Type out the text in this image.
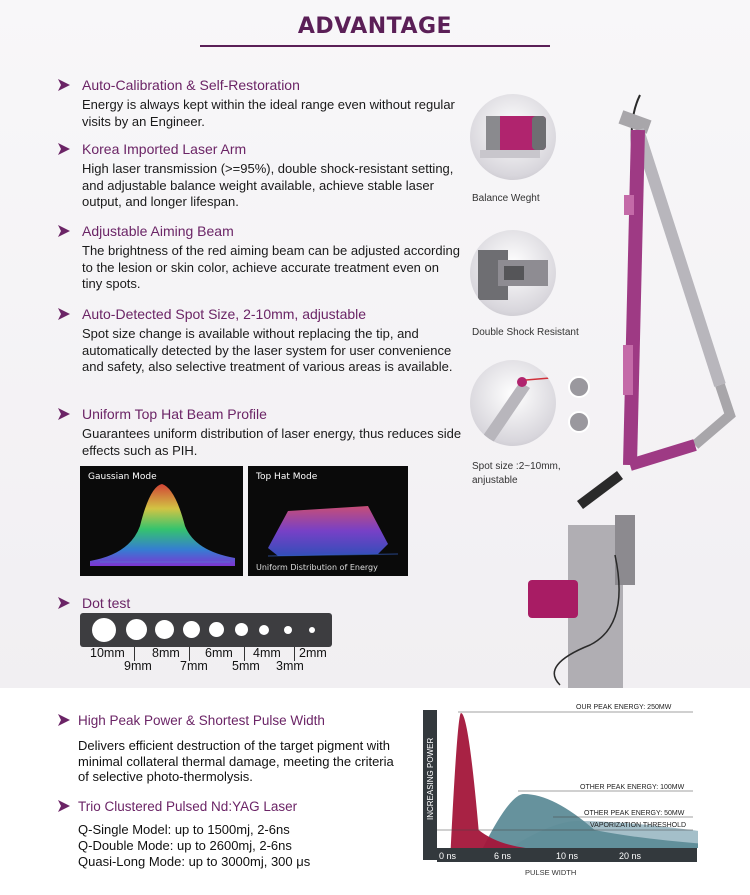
ADVANTAGE
Auto-Calibration & Self-Restoration
Energy is always kept within the ideal range even without regular visits by an Engineer.
Korea Imported Laser Arm
High laser transmission (>=95%), double shock-resistant setting, and adjustable balance weight available, achieve stable laser output, and longer lifespan.
Adjustable Aiming Beam
The brightness of the red aiming beam can be adjusted according to the lesion or skin color, achieve accurate treatment even on tiny spots.
Auto-Detected Spot Size, 2-10mm, adjustable
Spot size change is available without replacing the tip, and automatically detected by the laser system for user convenience and safety, also selective treatment of various areas is available.
Uniform Top Hat Beam Profile
Guarantees uniform distribution of laser energy, thus reduces side effects such as PIH.
Gaussian Mode	Top Hat Mode
Uniform Distribution of Energy
Dot test
10mm 8mm 6mm 4mm 2mm
9mm 7mm 5mm 3mm
Balance Weght
Double Shock Resistant
Spot size :2~10mm,
anjustable
High Peak Power & Shortest Pulse Width
Delivers efficient destruction of the target pigment with minimal collateral thermal damage, meeting the criteria of selective photo-thermolysis.
Trio Clustered Pulsed Nd:YAG Laser
Q-Single Model: up to 1500mj, 2-6ns
Q-Double Mode: up to 2600mj, 2-6ns
Quasi-Long Mode: up to 3000mj, 300 μs
INCREASING POWER
0 ns	6 ns	10 ns	20 ns
PULSE WIDTH
OUR PEAK ENERGY: 250MW
OTHER PEAK ENERGY: 100MW
OTHER PEAK ENERGY: 50MW
VAPORIZATION THRESHOLD
